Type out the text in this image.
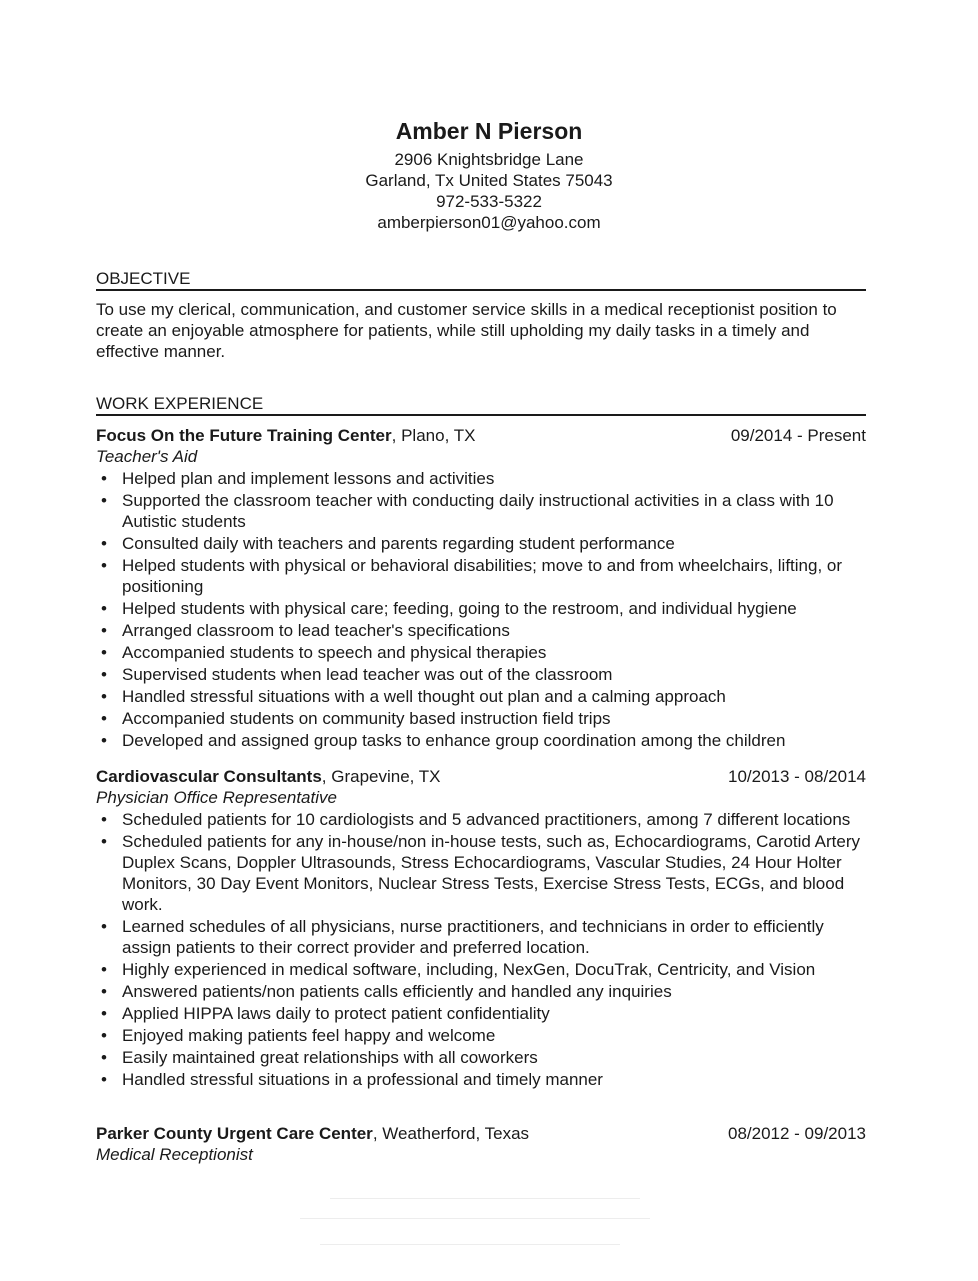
Amber N Pierson
2906 Knightsbridge Lane
Garland, Tx United States 75043
972-533-5322
amberpierson01@yahoo.com
OBJECTIVE
To use my clerical, communication, and customer service skills in a medical receptionist position to create an enjoyable atmosphere for patients, while still upholding my daily tasks in a timely and effective manner.
WORK EXPERIENCE
Focus On the Future Training Center, Plano, TX	09/2014 - Present
Teacher's Aid
• Helped plan and implement lessons and activities
• Supported the classroom teacher with conducting daily instructional activities in a class with 10 Autistic students
• Consulted daily with teachers and parents regarding student performance
• Helped students with physical or behavioral disabilities; move to and from wheelchairs, lifting, or positioning
• Helped students with physical care; feeding, going to the restroom, and individual hygiene
• Arranged classroom to lead teacher's specifications
• Accompanied students to speech and physical therapies
• Supervised students when lead teacher was out of the classroom
• Handled stressful situations with a well thought out plan and a calming approach
• Accompanied students on community based instruction field trips
• Developed and assigned group tasks to enhance group coordination among the children
Cardiovascular Consultants, Grapevine, TX	10/2013 - 08/2014
Physician Office Representative
• Scheduled patients for 10 cardiologists and 5 advanced practitioners, among 7 different locations
• Scheduled patients for any in-house/non in-house tests, such as, Echocardiograms, Carotid Artery Duplex Scans, Doppler Ultrasounds, Stress Echocardiograms, Vascular Studies, 24 Hour Holter Monitors, 30 Day Event Monitors, Nuclear Stress Tests, Exercise Stress Tests, ECGs, and blood work.
• Learned schedules of all physicians, nurse practitioners, and technicians in order to efficiently assign patients to their correct provider and preferred location.
• Highly experienced in medical software, including, NexGen, DocuTrak, Centricity, and Vision
• Answered patients/non patients calls efficiently and handled any inquiries
• Applied HIPPA laws daily to protect patient confidentiality
• Enjoyed making patients feel happy and welcome
• Easily maintained great relationships with all coworkers
• Handled stressful situations in a professional and timely manner
Parker County Urgent Care Center, Weatherford, Texas	08/2012 - 09/2013
Medical Receptionist
